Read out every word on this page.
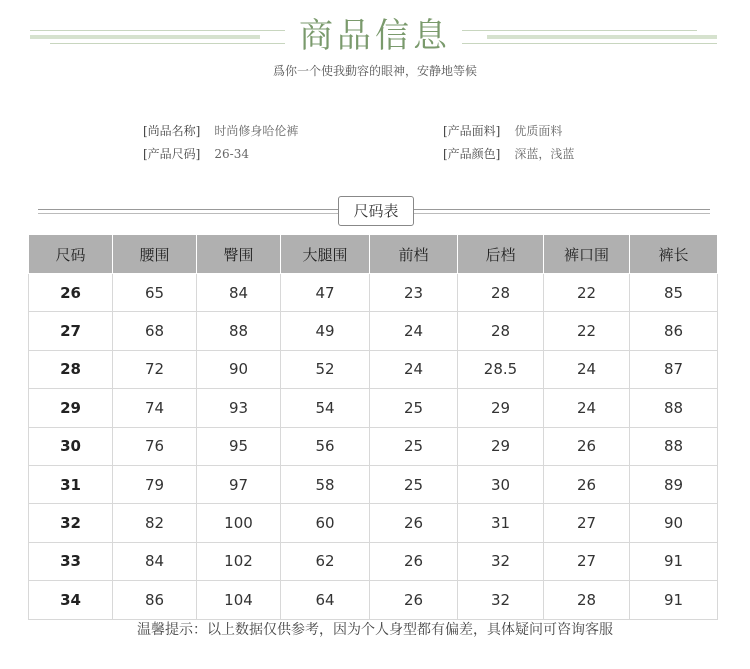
商品信息
爲你一个使我動容的眼神，安静地等候
[尚品名称] 时尚修身哈伦裤
[产品尺码] 26-34
[产品面料] 优质面料
[产品颜色] 深蓝，浅蓝
尺码表
尺码	腰围	臀围	大腿围	前档	后档	裤口围	裤长
26	65	84	47	23	28	22	85
27	68	88	49	24	28	22	86
28	72	90	52	24	28.5	24	87
29	74	93	54	25	29	24	88
30	76	95	56	25	29	26	88
31	79	97	58	25	30	26	89
32	82	100	60	26	31	27	90
33	84	102	62	26	32	27	91
34	86	104	64	26	32	28	91
温馨提示：以上数据仅供参考，因为个人身型都有偏差，具体疑问可咨询客服
